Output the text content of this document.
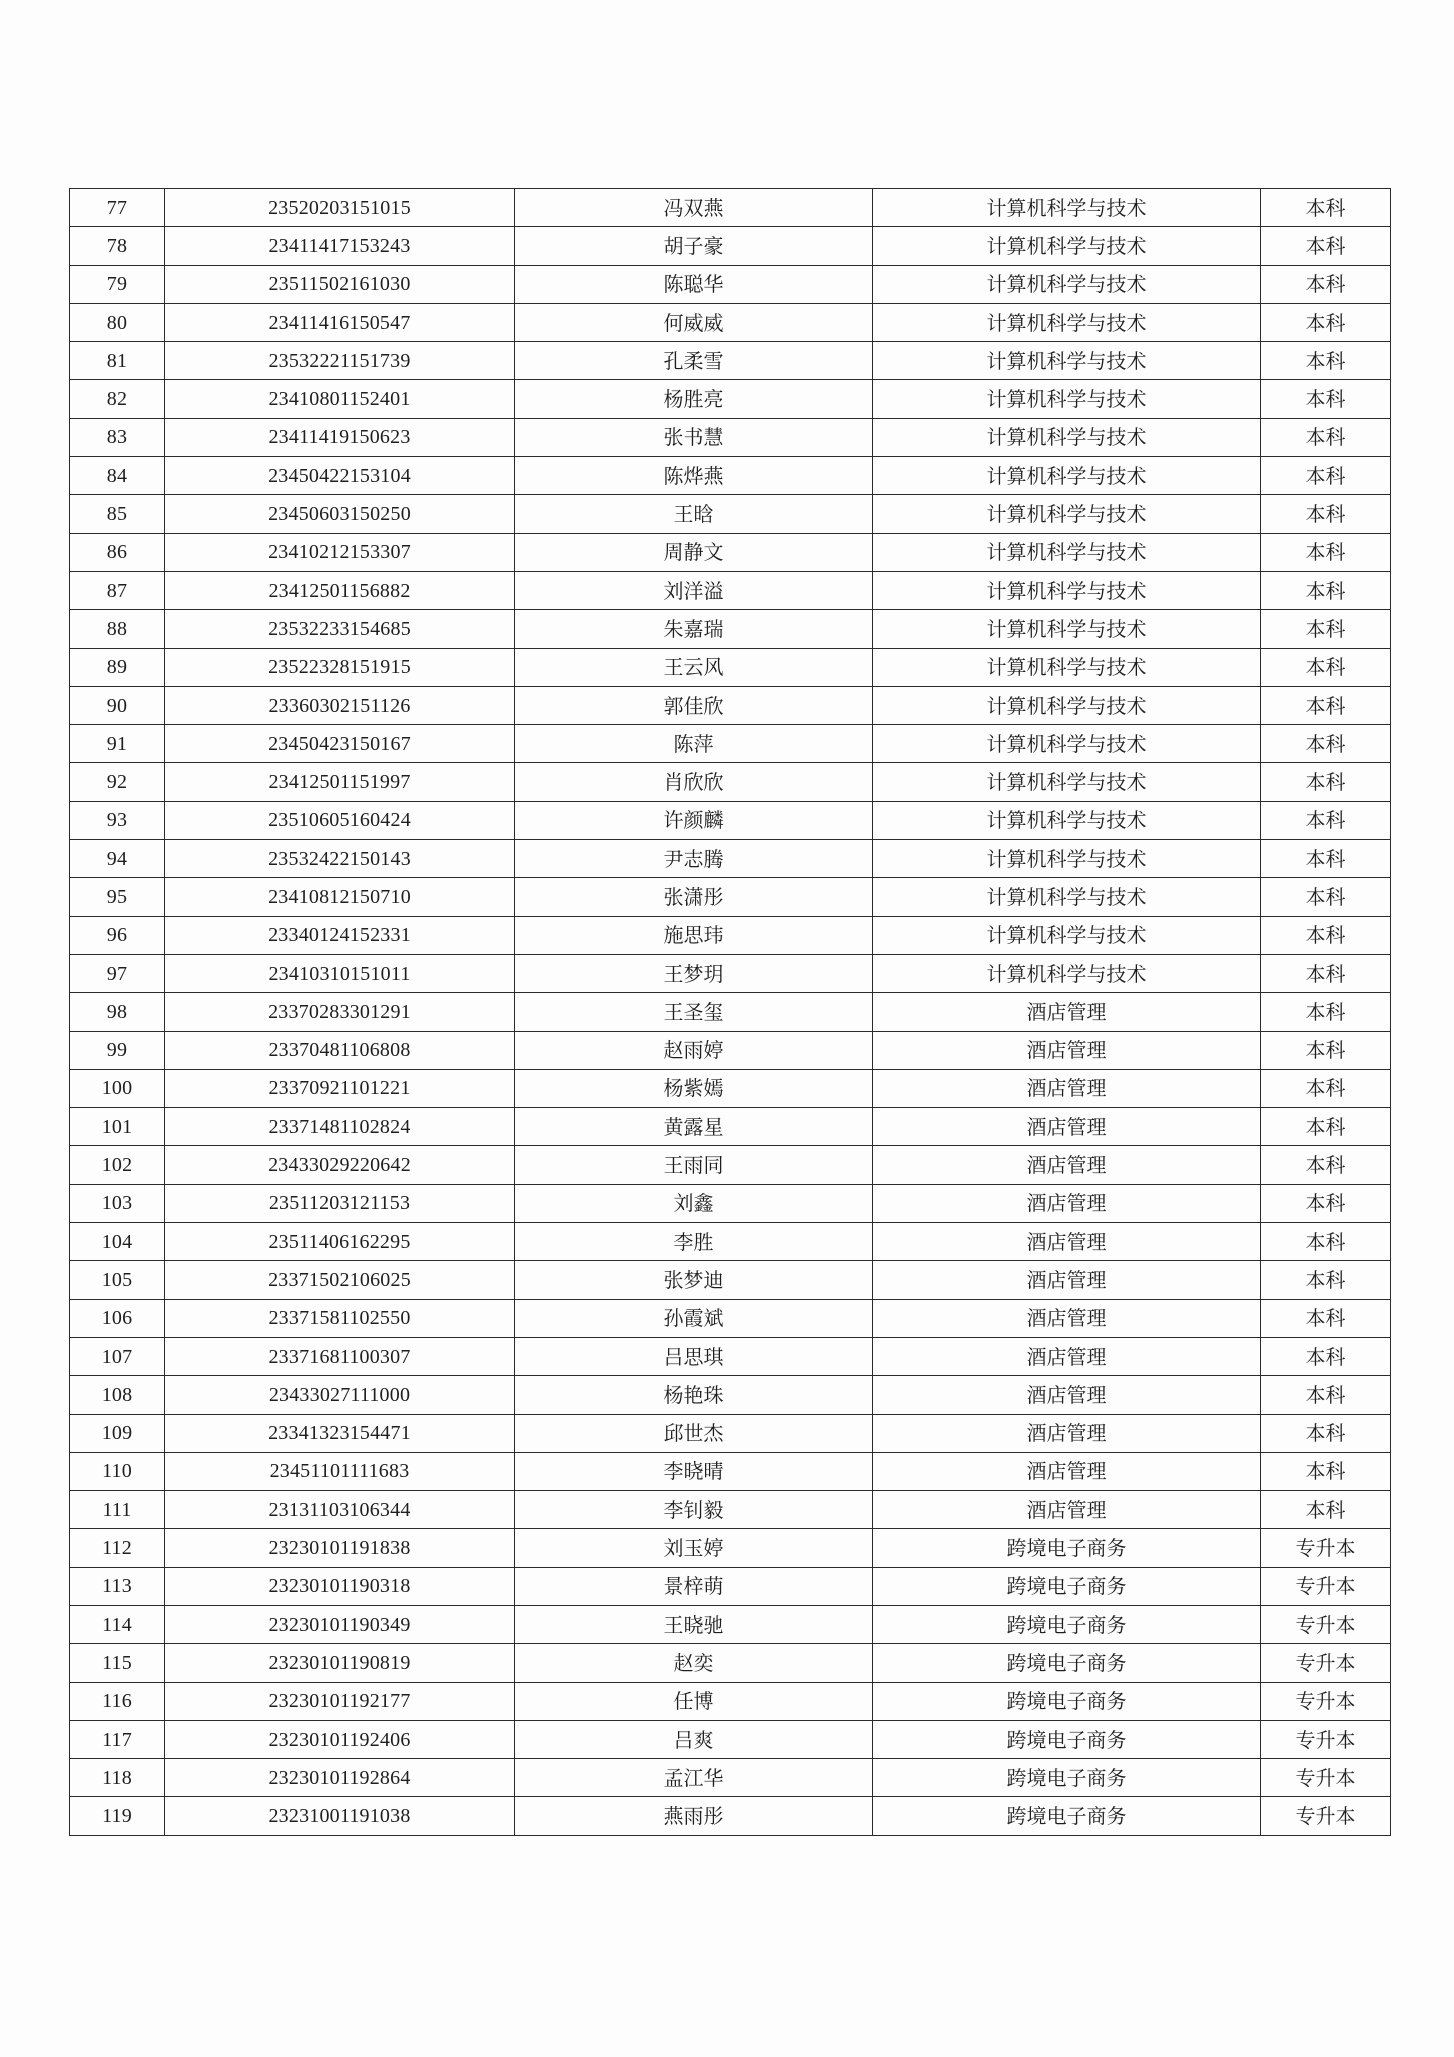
77	23520203151015	冯双燕	计算机科学与技术	本科
78	23411417153243	胡子豪	计算机科学与技术	本科
79	23511502161030	陈聪华	计算机科学与技术	本科
80	23411416150547	何威威	计算机科学与技术	本科
81	23532221151739	孔柔雪	计算机科学与技术	本科
82	23410801152401	杨胜亮	计算机科学与技术	本科
83	23411419150623	张书慧	计算机科学与技术	本科
84	23450422153104	陈烨燕	计算机科学与技术	本科
85	23450603150250	王晗	计算机科学与技术	本科
86	23410212153307	周静文	计算机科学与技术	本科
87	23412501156882	刘洋溢	计算机科学与技术	本科
88	23532233154685	朱嘉瑞	计算机科学与技术	本科
89	23522328151915	王云风	计算机科学与技术	本科
90	23360302151126	郭佳欣	计算机科学与技术	本科
91	23450423150167	陈萍	计算机科学与技术	本科
92	23412501151997	肖欣欣	计算机科学与技术	本科
93	23510605160424	许颜麟	计算机科学与技术	本科
94	23532422150143	尹志腾	计算机科学与技术	本科
95	23410812150710	张潇彤	计算机科学与技术	本科
96	23340124152331	施思玮	计算机科学与技术	本科
97	23410310151011	王梦玥	计算机科学与技术	本科
98	23370283301291	王圣玺	酒店管理	本科
99	23370481106808	赵雨婷	酒店管理	本科
100	23370921101221	杨紫嫣	酒店管理	本科
101	23371481102824	黄露星	酒店管理	本科
102	23433029220642	王雨同	酒店管理	本科
103	23511203121153	刘鑫	酒店管理	本科
104	23511406162295	李胜	酒店管理	本科
105	23371502106025	张梦迪	酒店管理	本科
106	23371581102550	孙霞斌	酒店管理	本科
107	23371681100307	吕思琪	酒店管理	本科
108	23433027111000	杨艳珠	酒店管理	本科
109	23341323154471	邱世杰	酒店管理	本科
110	23451101111683	李晓晴	酒店管理	本科
111	23131103106344	李钊毅	酒店管理	本科
112	23230101191838	刘玉婷	跨境电子商务	专升本
113	23230101190318	景梓萌	跨境电子商务	专升本
114	23230101190349	王晓驰	跨境电子商务	专升本
115	23230101190819	赵奕	跨境电子商务	专升本
116	23230101192177	任博	跨境电子商务	专升本
117	23230101192406	吕爽	跨境电子商务	专升本
118	23230101192864	孟江华	跨境电子商务	专升本
119	23231001191038	燕雨彤	跨境电子商务	专升本
